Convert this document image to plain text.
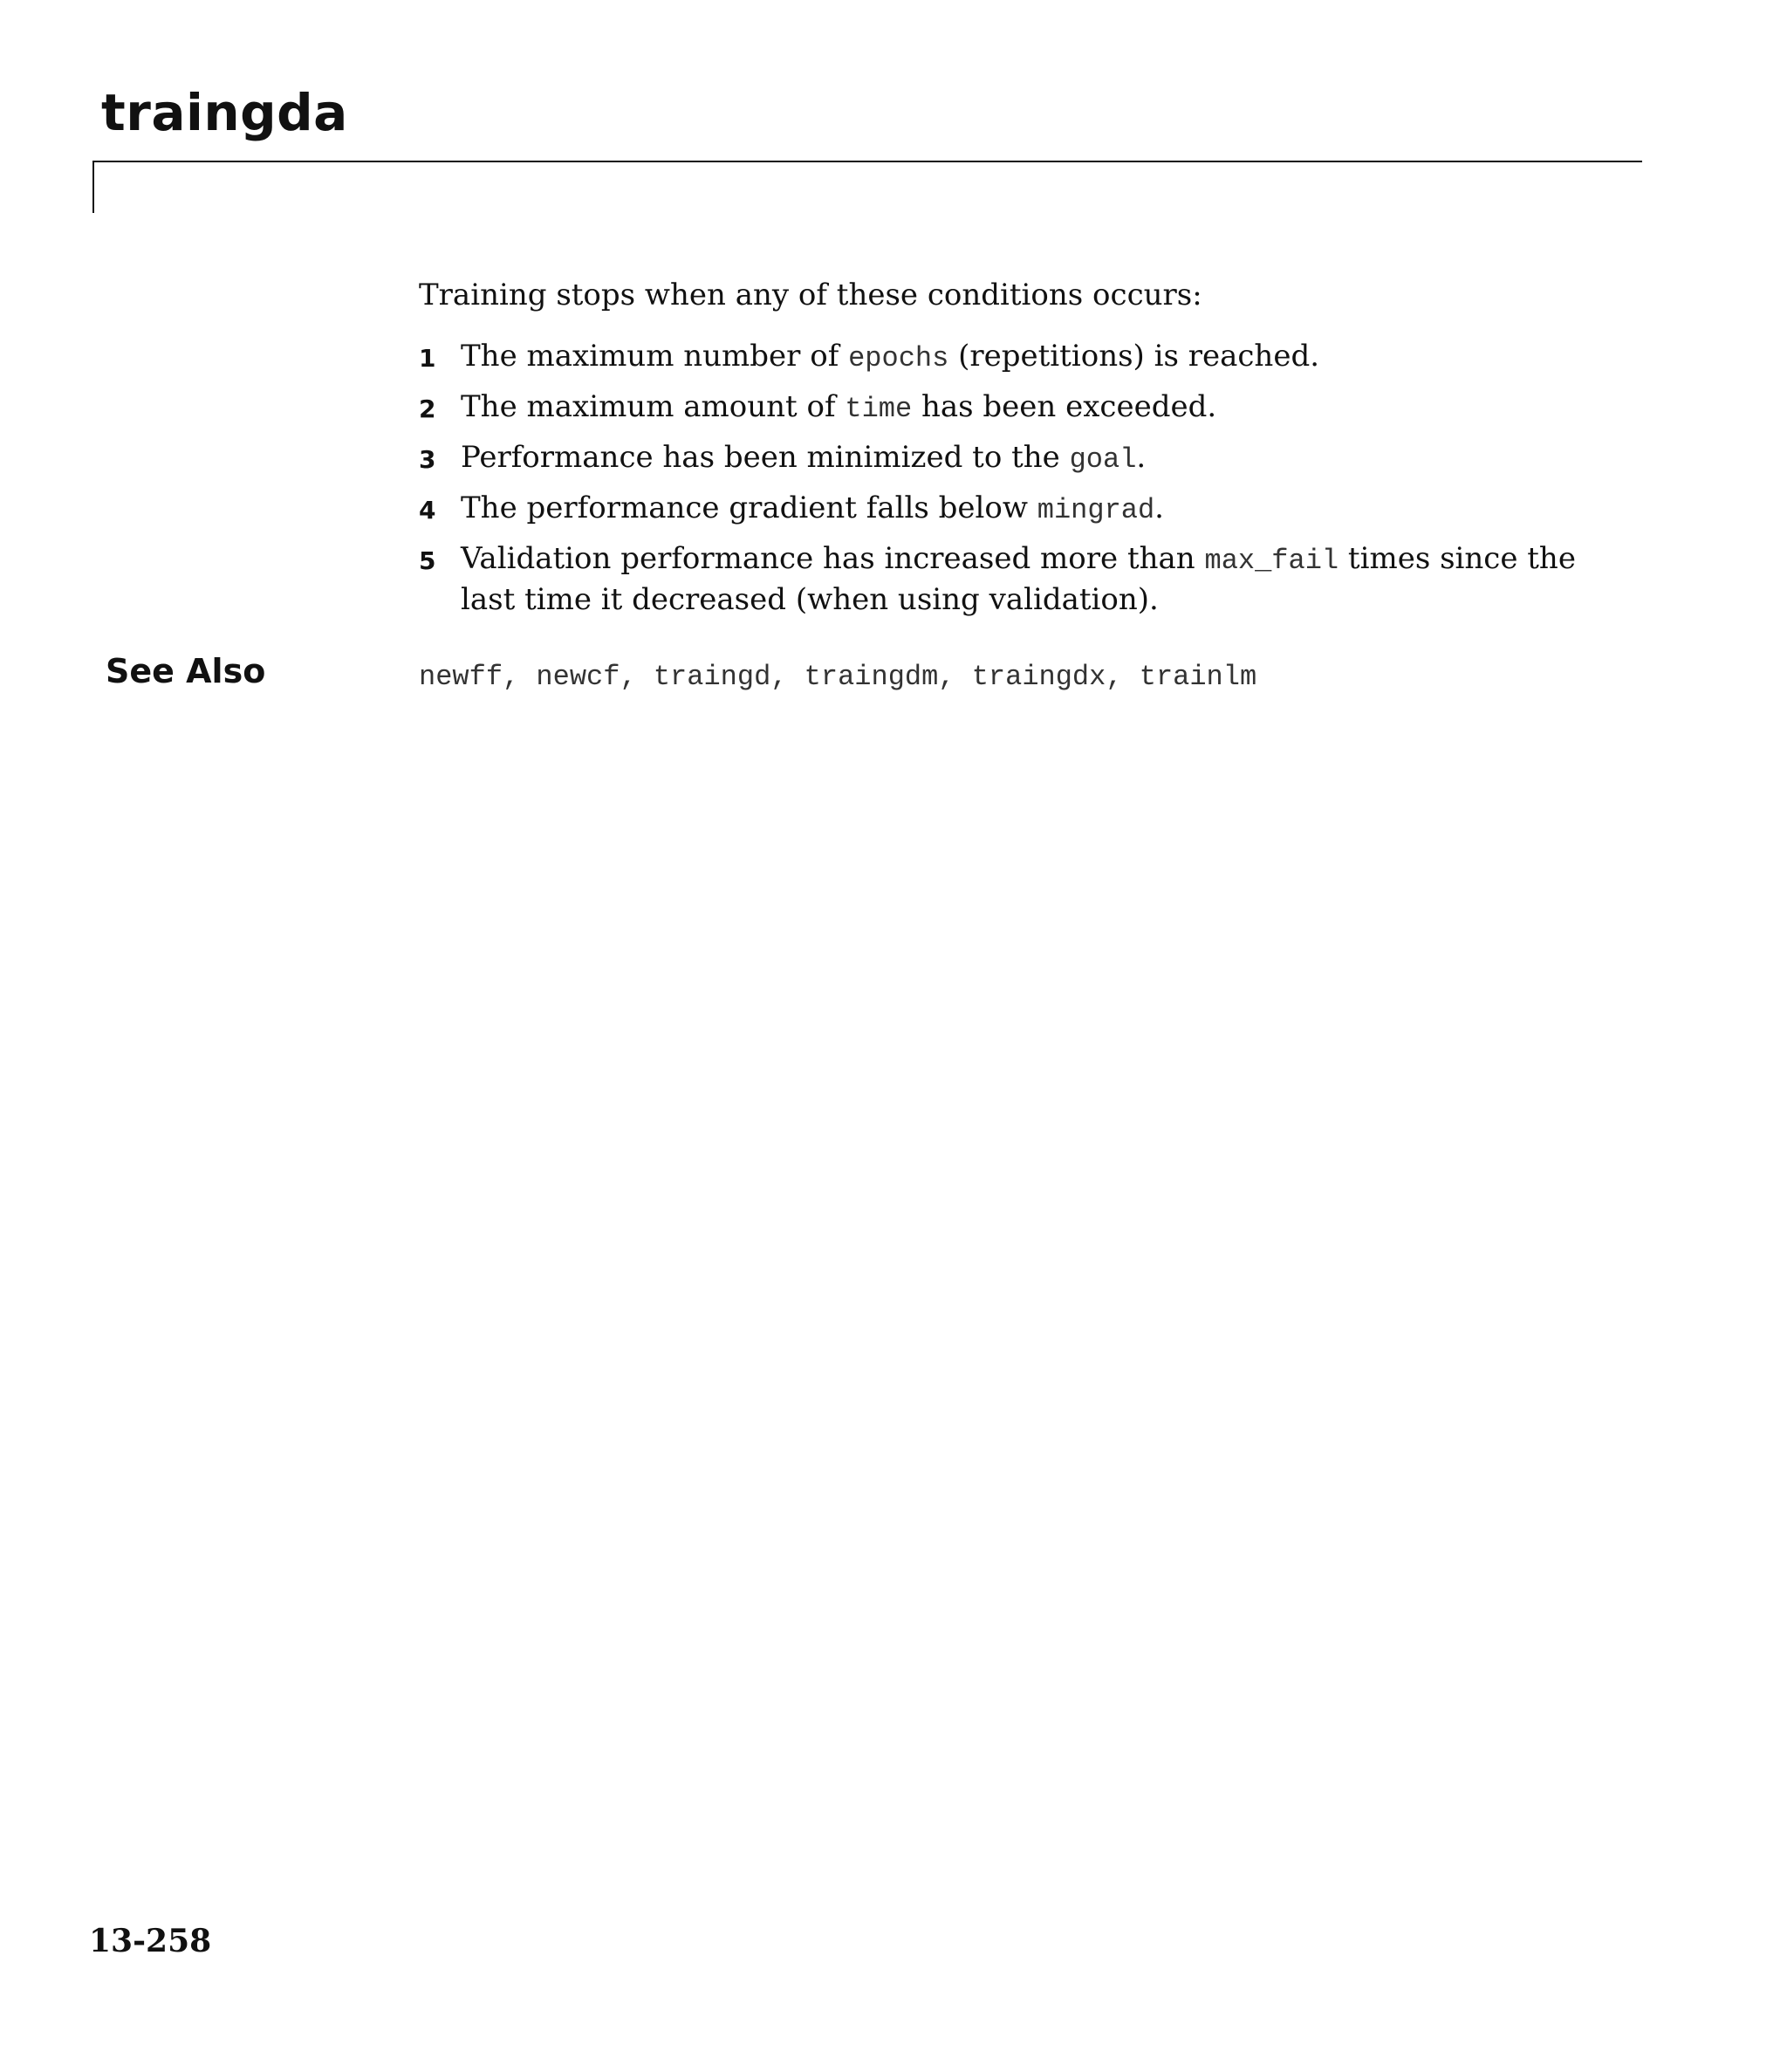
traingda
Training stops when any of these conditions occurs:
1 The maximum number of epochs (repetitions) is reached.
2 The maximum amount of time has been exceeded.
3 Performance has been minimized to the goal.
4 The performance gradient falls below mingrad.
5 Validation performance has increased more than max_fail times since the last time it decreased (when using validation).
See Also	newff, newcf, traingd, traingdm, traingdx, trainlm
13-258
